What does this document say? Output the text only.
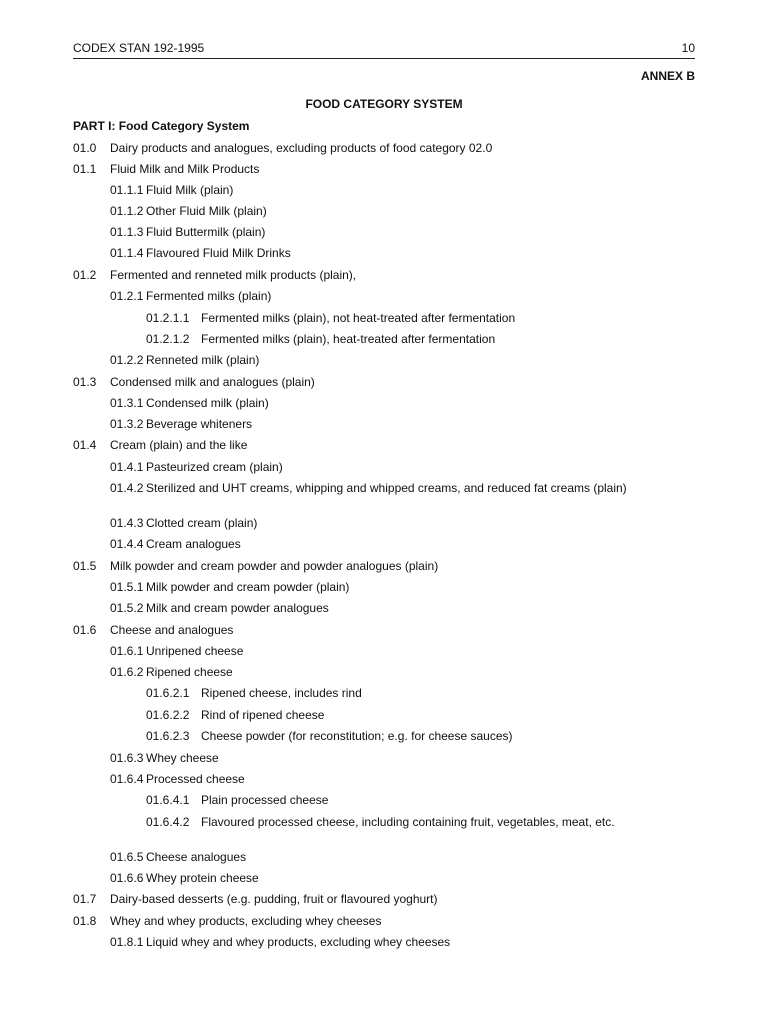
CODEX STAN 192-1995	10
ANNEX B
FOOD CATEGORY SYSTEM
PART I: Food Category System
01.0 Dairy products and analogues, excluding products of food category 02.0
01.1 Fluid Milk and Milk Products
01.1.1 Fluid Milk (plain)
01.1.2 Other Fluid Milk (plain)
01.1.3 Fluid Buttermilk (plain)
01.1.4 Flavoured Fluid Milk Drinks
01.2 Fermented and renneted milk products (plain),
01.2.1 Fermented milks (plain)
01.2.1.1 Fermented milks (plain), not heat-treated after fermentation
01.2.1.2 Fermented milks (plain), heat-treated after fermentation
01.2.2 Renneted milk (plain)
01.3 Condensed milk and analogues (plain)
01.3.1 Condensed milk (plain)
01.3.2 Beverage whiteners
01.4 Cream (plain) and the like
01.4.1 Pasteurized cream (plain)
01.4.2 Sterilized and UHT creams, whipping and whipped creams, and reduced fat creams (plain)
01.4.3 Clotted cream (plain)
01.4.4 Cream analogues
01.5 Milk powder and cream powder and powder analogues (plain)
01.5.1 Milk powder and cream powder (plain)
01.5.2 Milk and cream powder analogues
01.6 Cheese and analogues
01.6.1 Unripened cheese
01.6.2 Ripened cheese
01.6.2.1 Ripened cheese, includes rind
01.6.2.2 Rind of ripened cheese
01.6.2.3 Cheese powder (for reconstitution; e.g. for cheese sauces)
01.6.3 Whey cheese
01.6.4 Processed cheese
01.6.4.1 Plain processed cheese
01.6.4.2 Flavoured processed cheese, including containing fruit, vegetables, meat, etc.
01.6.5 Cheese analogues
01.6.6 Whey protein cheese
01.7 Dairy-based desserts (e.g. pudding, fruit or flavoured yoghurt)
01.8 Whey and whey products, excluding whey cheeses
01.8.1 Liquid whey and whey products, excluding whey cheeses
